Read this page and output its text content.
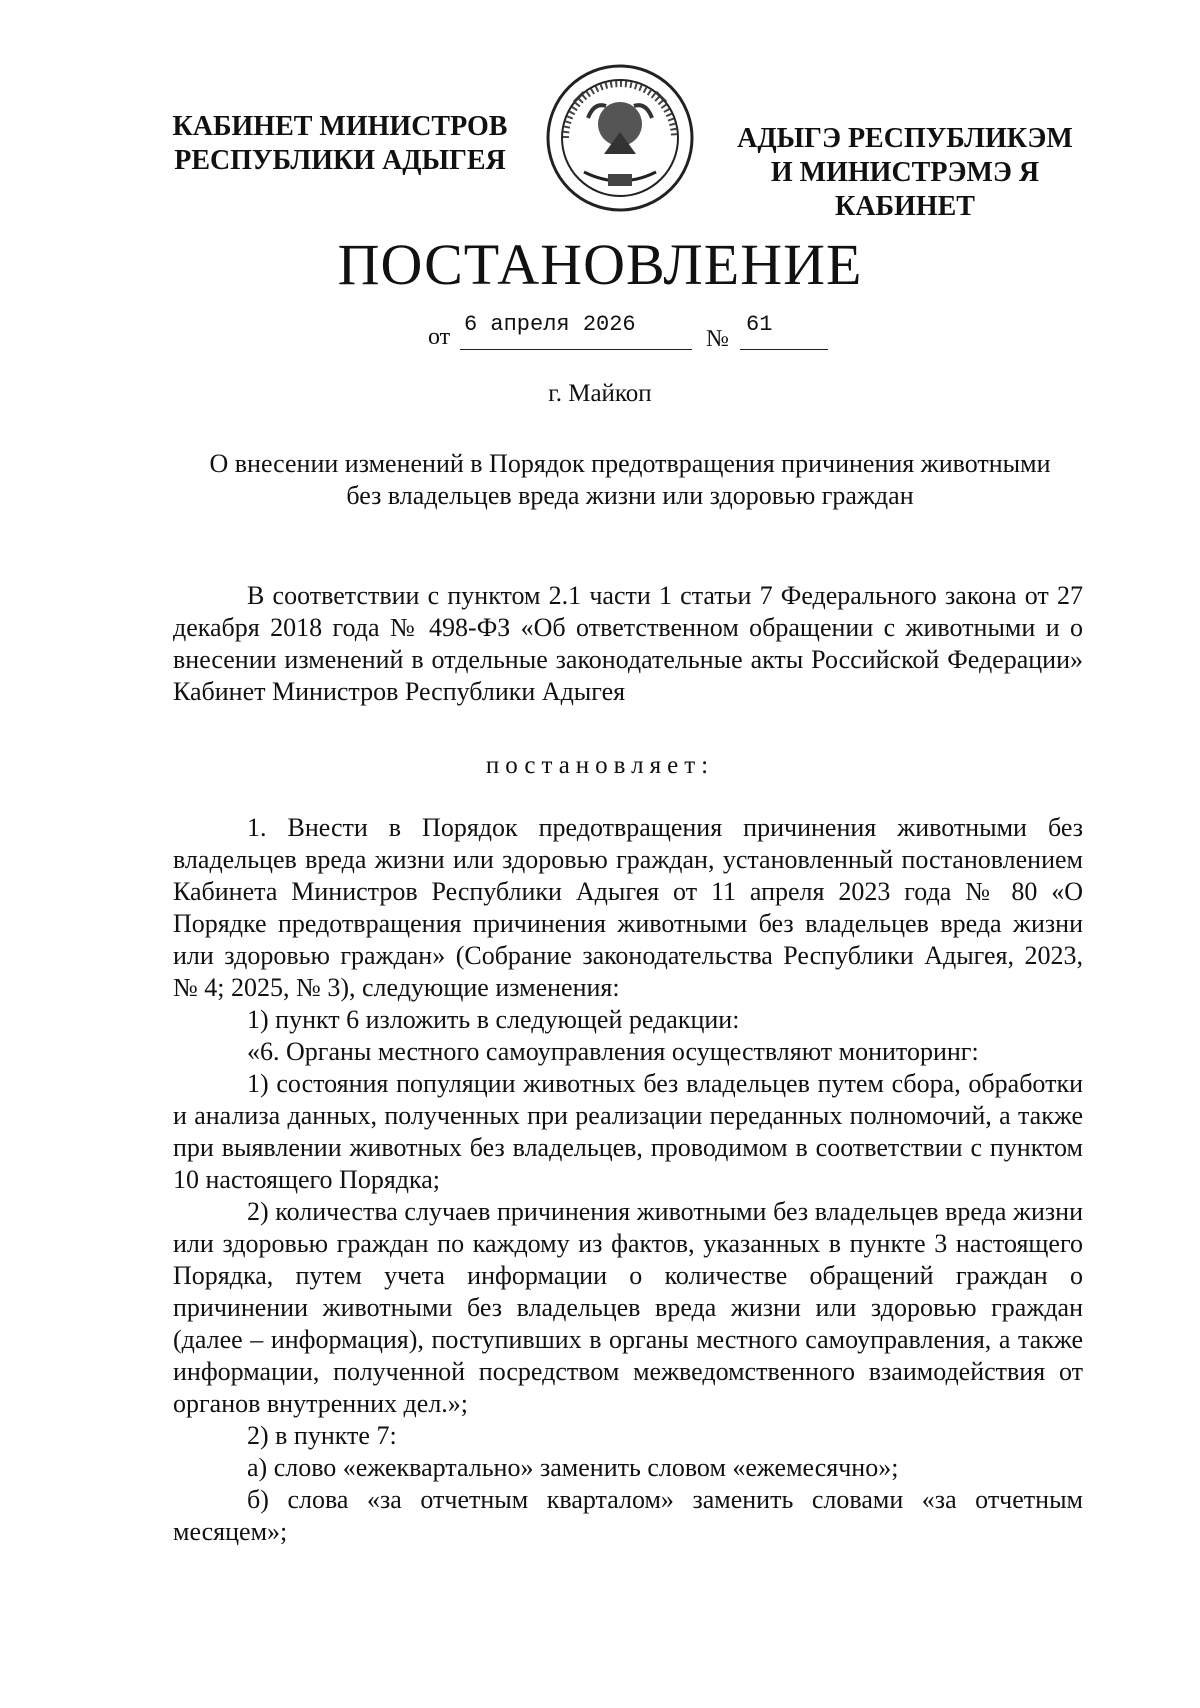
КАБИНЕТ МИНИСТРОВ
РЕСПУБЛИКИ АДЫГЕЯ
АДЫГЭ РЕСПУБЛИКЭМ
И МИНИСТРЭМЭ Я КАБИНЕТ
ПОСТАНОВЛЕНИЕ
от 6 апреля 2026
№
61
г. Майкоп
О внесении изменений в Порядок предотвращения причинения животными
без владельцев вреда жизни или здоровью граждан

В соответствии с пунктом 2.1 части 1 статьи 7 Федерального закона от 27 декабря 2018 года № 498-ФЗ «Об ответственном обращении с животными и о внесении изменений в отдельные законодательные акты Российской Федерации» Кабинет Министров Республики Адыгея

постановляет:

1. Внести в Порядок предотвращения причинения животными без владельцев вреда жизни или здоровью граждан, установленный постановлением Кабинета Министров Республики Адыгея от 11 апреля 2023 года № 80 «О Порядке предотвращения причинения животными без владельцев вреда жизни или здоровью граждан» (Собрание законодательства Республики Адыгея, 2023, № 4; 2025, № 3), следующие изменения:

1) пункт 6 изложить в следующей редакции:

«6. Органы местного самоуправления осуществляют мониторинг:

1) состояния популяции животных без владельцев путем сбора, обработки и анализа данных, полученных при реализации переданных полномочий, а также при выявлении животных без владельцев, проводимом в соответствии с пунктом 10 настоящего Порядка;

2) количества случаев причинения животными без владельцев вреда жизни или здоровью граждан по каждому из фактов, указанных в пункте 3 настоящего Порядка, путем учета информации о количестве обращений граждан о причинении животными без владельцев вреда жизни или здоровью граждан (далее – информация), поступивших в органы местного самоуправления, а также информации, полученной посредством межведомственного взаимодействия от органов внутренних дел.»;

2) в пункте 7:

а) слово «ежеквартально» заменить словом «ежемесячно»;

б) слова «за отчетным кварталом» заменить словами «за отчетным месяцем»;
